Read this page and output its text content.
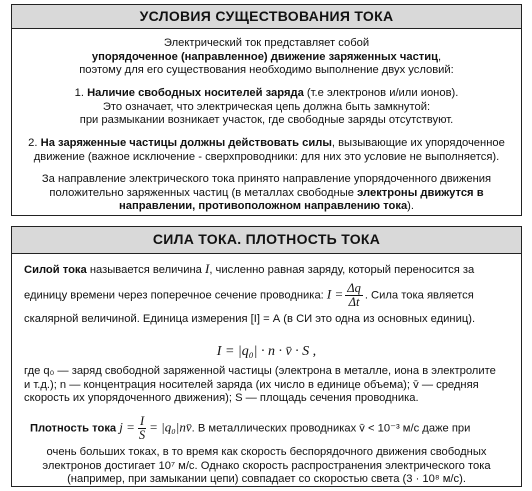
УСЛОВИЯ СУЩЕСТВОВАНИЯ ТОКА
Электрический ток представляет собой
упорядоченное (направленное) движение заряженных частиц,
поэтому для его существования необходимо выполнение двух условий:
1. Наличие свободных носителей заряда (т.е электронов и/или ионов).
Это означает, что электрическая цепь должна быть замкнутой:
при размыкании возникает участок, где свободные заряды отсутствуют.
2. На заряженные частицы должны действовать силы, вызывающие их упорядоченное
движение (важное исключение - сверхпроводники: для них это условие не выполняется).
За направление электрического тока принято направление упорядоченного движения
положительно заряженных частиц (в металлах свободные электроны движутся в
направлении, противоположном направлению тока).
СИЛА ТОКА. ПЛОТНОСТЬ ТОКА
Силой тока называется величина I, численно равная заряду, который переносится за
единицу времени через поперечное сечение проводника: $I = \frac{\Delta q}{\Delta t}$ . Сила тока является
скалярной величиной. Единица измерения [I] = А (в СИ это одна из основных единиц).
I = |q₀| · n · v̄ · S ,
где q₀ — заряд свободной заряженной частицы (электрона в металле, иона в электролите
и т.д.); n — концентрация носителей заряда (их число в единице объема); v̄ — средняя
скорость их упорядоченного движения); S — площадь сечения проводника.
Плотность тока $j = \frac{I}{S}$ = |q₀|nv̄. В металлических проводниках v̄ < 10⁻³ м/с даже при
очень больших токах, в то время как скорость беспорядочного движения свободных
электронов достигает 10⁷ м/с. Однако скорость распространения электрического тока
(например, при замыкании цепи) совпадает со скоростью света (3 · 10⁸ м/с).
